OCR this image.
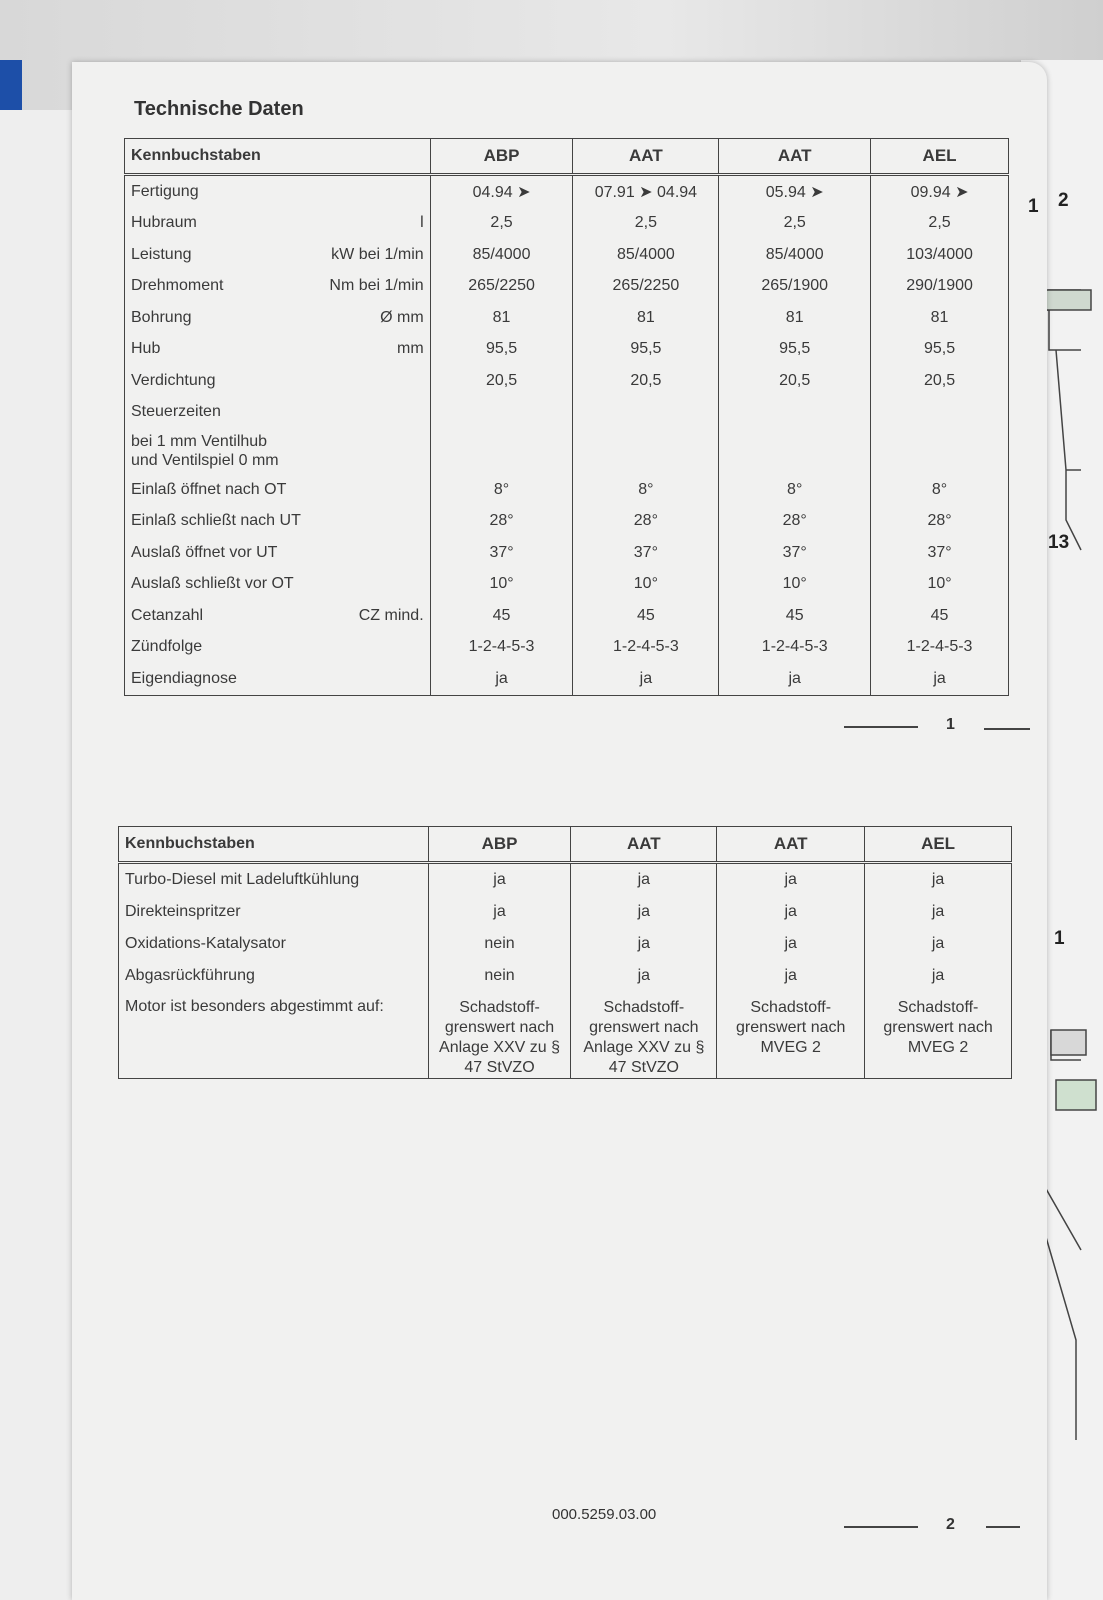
Technische Daten
Kennbuchstaben	ABP	AAT	AAT	AEL
Fertigung	04.94 ➤	07.91 ➤ 04.94	05.94 ➤	09.94 ➤
Hubraum l	2,5	2,5	2,5	2,5
Leistung kW bei 1/min	85/4000	85/4000	85/4000	103/4000
Drehmoment Nm bei 1/min	265/2250	265/2250	265/1900	290/1900
Bohrung Ø mm	81	81	81	81
Hub mm	95,5	95,5	95,5	95,5
Verdichtung	20,5	20,5	20,5	20,5
Steuerzeiten				

bei 1 mm Ventilhub
und Ventilspiel 0 mm				

Einlaß öffnet nach OT	8°	8°	8°	8°
Einlaß schließt nach UT	28°	28°	28°	28°
Auslaß öffnet vor UT	37°	37°	37°	37°
Auslaß schließt vor OT	10°	10°	10°	10°
Cetanzahl CZ mind.	45	45	45	45
Zündfolge	1-2-4-5-3	1-2-4-5-3	1-2-4-5-3	1-2-4-5-3
Eigendiagnose	ja	ja	ja	ja
1
Kennbuchstaben	ABP	AAT	AAT	AEL
Turbo-Diesel mit Ladeluftkühlung	ja	ja	ja	ja
Direkteinspritzer	ja	ja	ja	ja
Oxidations-Katalysator	nein	ja	ja	ja
Abgasrückführung	nein	ja	ja	ja
Motor ist besonders abgestimmt auf:	Schadstoff-
grenswert nach
Anlage XXV zu §
47 StVZO	Schadstoff-
grenswert nach
Anlage XXV zu §
47 StVZO	Schadstoff-
grenswert nach
MVEG 2	Schadstoff-
grenswert nach
MVEG 2
000.5259.03.00
2
1 2
13
1
